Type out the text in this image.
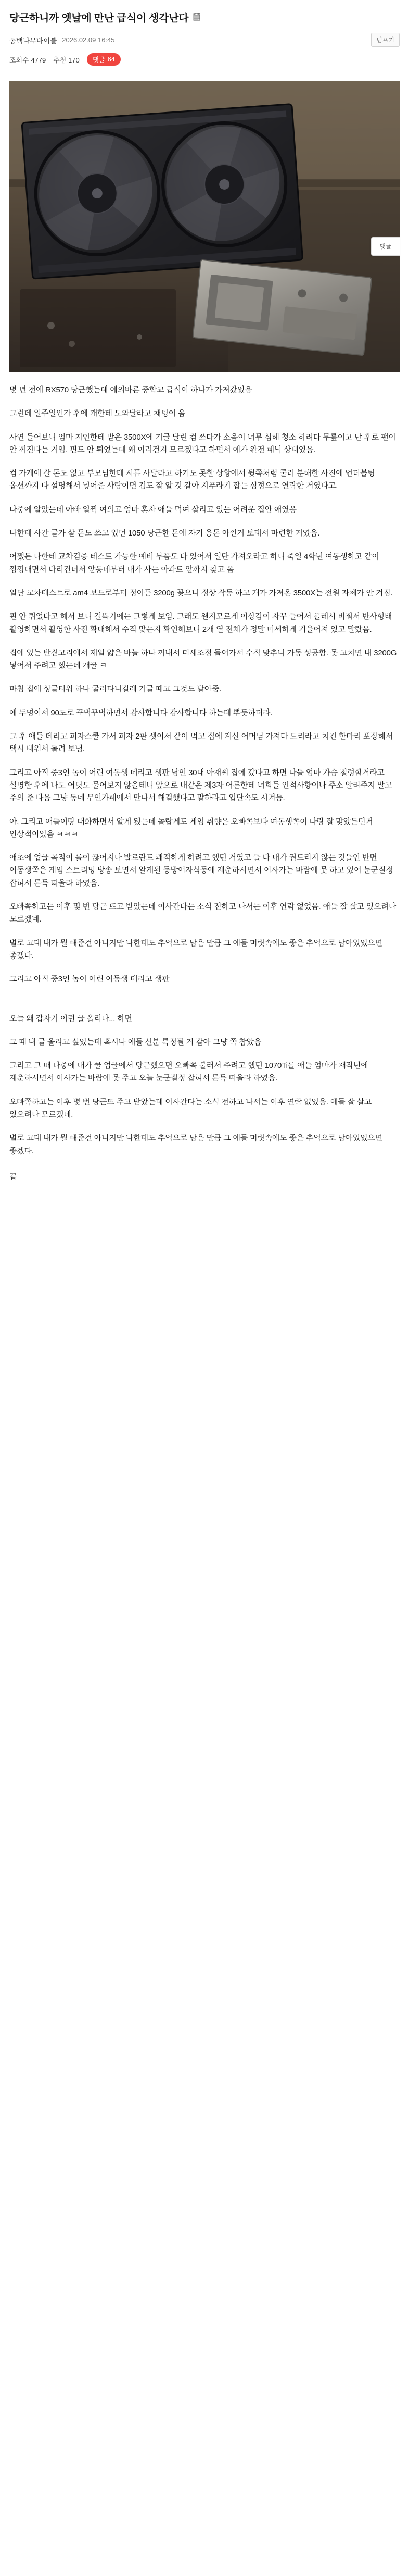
당근하니까 옛날에 만난 급식이 생각난다 🗒
동백나무바이블 2026.02.09 16:45	덤프기
조회수 4779 추천 170 댓글 64
댓글

몇 년 전에 RX570 당근했는데 예의바른 중학교 급식이 하나가 가져갔었음

그런데 일주일인가 후에 개한테 도와달라고 채팅이 옴

사연 들어보니 엄마 지인한테 받은 3500X에 기글 달린 컴 쓰다가 소음이 너무 심해 청소 하려다 무릎이고 난 후로 팬이 안 꺼진다는 거임. 핀도 안 튀었는데 왜 이러건지 모르겠다고 하면서 애가 완전 패닉 상태였음.

컴 가게에 갈 돈도 없고 부모님한테 시퓨 사달라고 하기도 못한 상황에서 뒷쪽처럼 쿨러 분해한 사진에 언더볼팅 옵션까지 다 설명해서 넣어준 사람이면 컴도 잘 알 것 같아 지푸라기 잡는 심정으로 연락한 거였다고.

나중에 알았는데 아빠 일찍 여의고 엄마 혼자 애들 먹여 살리고 있는 어려운 집안 애였음

나한테 사간 글카 살 돈도 쓰고 있던 1050 당근한 돈에 자기 용돈 아낀거 보태서 마련한 거였음.

어쨌든 나한테 교차검증 테스트 가능한 예비 부품도 다 있어서 일단 가져오라고 하니 죽일 4학년 여동생하고 같이 낑낑대면서 다리건너서 앞동네부터 내가 사는 아파트 앞까지 찾고 옴

일단 교차테스트로 am4 보드로부터 정이든 3200g 꽂으니 정상 작동 하고 개가 가져온 3500X는 전원 자체가 안 켜짐.

핀 안 튀었다고 해서 보니 걸뜩기에는 그렇게 보임. 그래도 왠지모르게 이상감이 자꾸 들어서 플레시 비춰서 반사형태 촬영하면서 촬영한 사진 확대해서 수직 맞는지 확인해보니 2개 열 전체가 정말 미세하게 기울어져 있고 말랐음.

집에 있는 반짇고리에서 제일 얇은 바늘 하나 꺼내서 미세조정 들어가서 수직 맞추니 가동 성공함. 못 고치면 내 3200G 넣어서 주려고 했는데 개꿀 ㅋ

마침 집에 싱글터워 하나 굴러다니길레 기글 떼고 그것도 달아줌.

애 두명이서 90도로 꾸벅꾸벅하면서 감사합니다 감사합니다 하는데 뿌듯하더라.

그 후 애들 데리고 피자스쿨 가서 피자 2판 셋이서 같이 먹고 집에 계신 어머님 가져다 드리라고 치킨 한마리 포장해서 택시 태워서 돌려 보냄.

그리고 아직 중3인 놈이 어린 여동생 데리고 생판 남인 30대 아재씨 집에 갔다고 하면 나들 엄마 가슴 철렁할거라고 설명한 후에 나도 어딧도 물어보지 않을테니 앞으로 내같은 제3자 어른한테 너희들 인적사항이나 주소 알려주지 말고 주의 준 다음 그냥 동네 무인카페에서 만나서 해결했다고 말하라고 입단속도 시켜둠.

아, 그리고 애들이랑 대화하면서 알게 됐는데 놀랍게도 게임 취향은 오빠쪽보다 여동생쪽이 나랑 잘 맞았든던거 인상적이었음 ㅋㅋㅋ

애초에 업글 목적이 롤이 끊어지나 발로란트 쾌적하게 하려고 했던 거였고 들 다 내가 권드리지 않는 것들인 반면 여동생쪽은 게임 스트리밍 방송 보면서 알게된 동방어자식동에 재춘하시면서 이사가는 바람에 못 하고 있어 눈군질정 잡혀서 튼득 떠올라 하였음.

오빠쪽하고는 이후 몇 번 당근 뜨고 받았는데 이사간다는 소식 전하고 나서는 이후 연락 없었음. 애들 잘 살고 있으려나 모르겠네.

별로 고대 내가 뭘 해준건 아니지만 나한테도 추억으로 남은 만큼 그 애들 머릿속에도 좋은 추억으로 남아있었으면 좋겠다.

그리고 아직 중3인 놈이 어린 여동생 데리고 생판

오늘 왜 갑자기 이런 글 올리나... 하면

그 때 내 글 올리고 싶었는데 혹시나 애들 신분 특정될 거 같아 그냥 쪽 참았음

그리고 그 때 나중에 내가 쿨 업글에서 당근했으면 오빠쪽 불러서 주려고 했던 1070Ti를 애들 엄마가 재작년에 재춘하시면서 이사가는 바람에 못 주고 오늘 눈군질정 잡혀서 튼득 떠올라 하였음.

오빠쪽하고는 이후 몇 번 당근뜨 주고 받았는데 이사간다는 소식 전하고 나서는 이후 연락 없었음. 애들 잘 살고 있으려나 모르겠네.

별로 고대 내가 뭘 해준건 아니지만 나한테도 추억으로 남은 만큼 그 애들 머릿속에도 좋은 추억으로 남아있었으면 좋겠다.

끝
